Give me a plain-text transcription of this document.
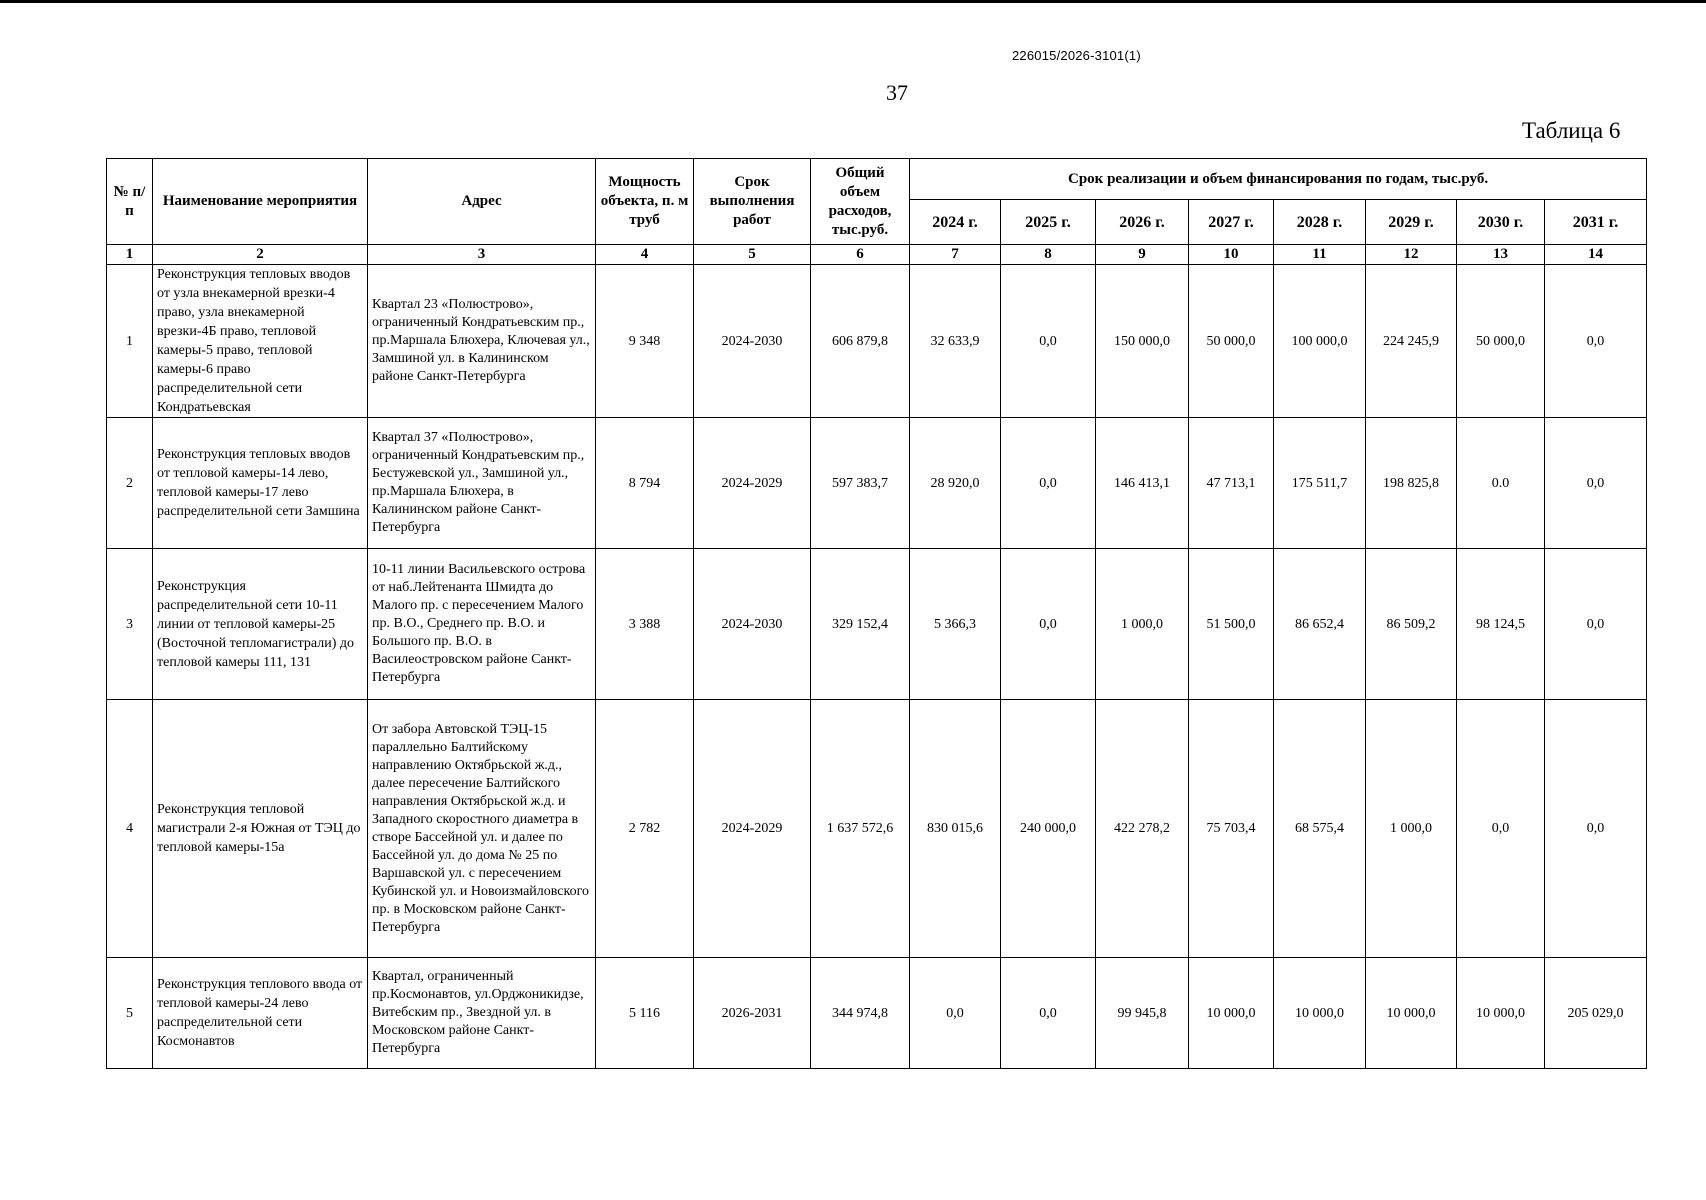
226015/2026-3101(1)
37
Таблица 6
№ п/п	Наименование мероприятия	Адрес	Мощность объекта, п. м труб	Срок выполнения работ	Общий объем расходов, тыс.руб.	Срок реализации и объем финансирования по годам, тыс.руб.							
						2024 г.	2025 г.	2026 г.	2027 г.	2028 г.	2029 г.	2030 г.	2031 г.
1	2	3	4	5	6	7	8	9	10	11	12	13	14
1	Реконструкция тепловых вводов от узла внекамерной врезки-4 право, узла внекамерной врезки-4Б право, тепловой камеры-5 право, тепловой камеры-6 право распределительной сети Кондратьевская	Квартал 23 «Полюстрово», ограниченный Кондратьевским пр., пр.Маршала Блюхера, Ключевая ул., Замшиной ул. в Калининском районе Санкт-Петербурга	9 348	2024-2030	606 879,8	32 633,9	0,0	150 000,0	50 000,0	100 000,0	224 245,9	50 000,0	0,0
2	Реконструкция тепловых вводов от тепловой камеры-14 лево, тепловой камеры-17 лево распределительной сети Замшина	Квартал 37 «Полюстрово», ограниченный Кондратьевским пр., Бестужевской ул., Замшиной ул., пр.Маршала Блюхера, в Калининском районе Санкт-Петербурга	8 794	2024-2029	597 383,7	28 920,0	0,0	146 413,1	47 713,1	175 511,7	198 825,8	0.0	0,0
3	Реконструкция распределительной сети 10-11 линии от тепловой камеры-25 (Восточной тепломагистрали) до тепловой камеры 111, 131	10-11 линии Васильевского острова от наб.Лейтенанта Шмидта до Малого пр. с пересечением Малого пр. В.О., Среднего пр. В.О. и Большого пр. В.О. в Василеостровском районе Санкт-Петербурга	3 388	2024-2030	329 152,4	5 366,3	0,0	1 000,0	51 500,0	86 652,4	86 509,2	98 124,5	0,0
4	Реконструкция тепловой магистрали 2-я Южная от ТЭЦ до тепловой камеры-15а	От забора Автовской ТЭЦ-15 параллельно Балтийскому направлению Октябрьской ж.д., далее пересечение Балтийского направления Октябрьской ж.д. и Западного скоростного диаметра в створе Бассейной ул. и далее по Бассейной ул. до дома № 25 по Варшавской ул. с пересечением Кубинской ул. и Новоизмайловского пр. в Московском районе Санкт-Петербурга	2 782	2024-2029	1 637 572,6	830 015,6	240 000,0	422 278,2	75 703,4	68 575,4	1 000,0	0,0	0,0
5	Реконструкция теплового ввода от тепловой камеры-24 лево распределительной сети Космонавтов	Квартал, ограниченный пр.Космонавтов, ул.Орджоникидзе, Витебским пр., Звездной ул. в Московском районе Санкт-Петербурга	5 116	2026-2031	344 974,8	0,0	0,0	99 945,8	10 000,0	10 000,0	10 000,0	10 000,0	205 029,0
